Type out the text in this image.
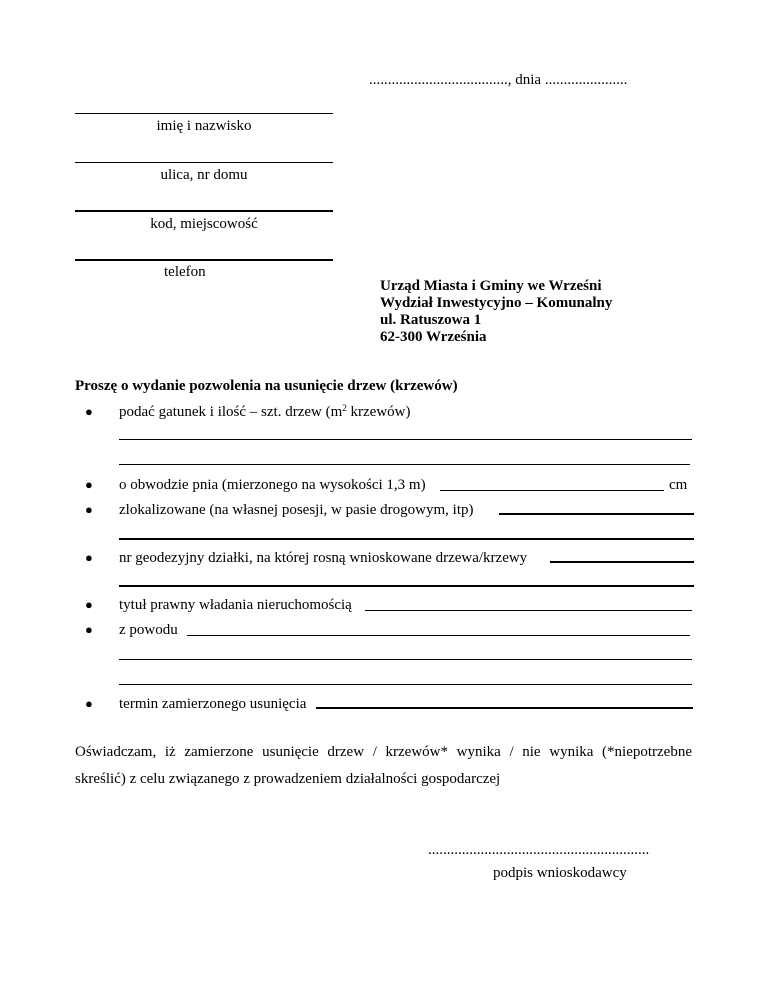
....................................., dnia ......................
imię i nazwisko
ulica, nr domu
kod, miejscowość
telefon
Urząd Miasta i Gminy we Wrześni
Wydział Inwestycyjno – Komunalny
ul. Ratuszowa 1
62-300 Września
Proszę o wydanie pozwolenia na usunięcie drzew (krzewów)
● podać gatunek i ilość – szt. drzew ($m^2$ krzewów)
● o obwodzie pnia (mierzonego na wysokości 1,3 m)	cm
● zlokalizowane (na własnej posesji, w pasie drogowym, itp)
● nr geodezyjny działki, na której rosną wnioskowane drzewa/krzewy
● tytuł prawny władania nieruchomością
● z powodu
● termin zamierzonego usunięcia
Oświadczam, iż zamierzone usunięcie drzew / krzewów* wynika / nie wynika (*niepotrzebne
skreślić) z celu związanego z prowadzeniem działalności gospodarczej
...........................................................
podpis wnioskodawcy
